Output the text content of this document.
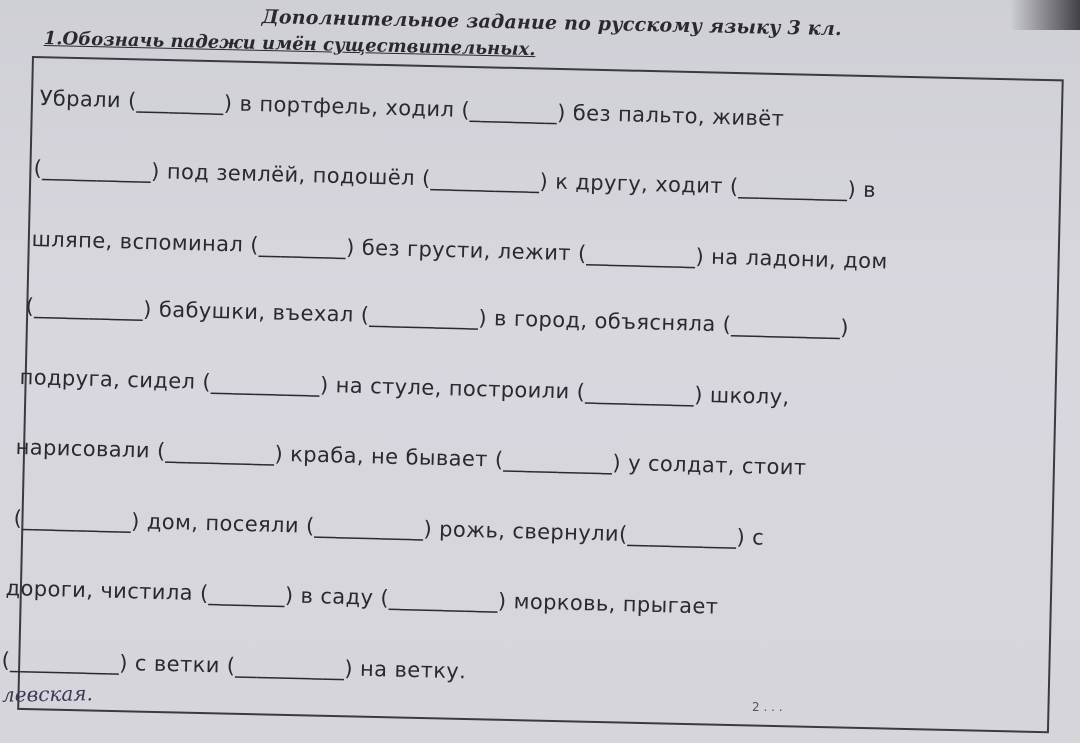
Дополнительное задание по русскому языку 3 кл.
1.Обозначь падежи имён существительных.
Убрали (________) в портфель, ходил (________) без пальто, живёт
(__________) под землёй, подошёл (__________) к другу, ходит (__________) в
шляпе, вспоминал (________) без грусти, лежит (__________) на ладони, дом
(__________) бабушки, въехал (__________) в город, объясняла (__________)
подруга, сидел (__________) на стуле, построили (__________) школу,
нарисовали (__________) краба, не бывает (__________) у солдат, стоит
(__________) дом, посеяли (__________) рожь, свернули(__________) с
дороги, чистила (_______) в саду (__________) морковь, прыгает
(__________) с ветки (__________) на ветку.
левская.
2 . . .
